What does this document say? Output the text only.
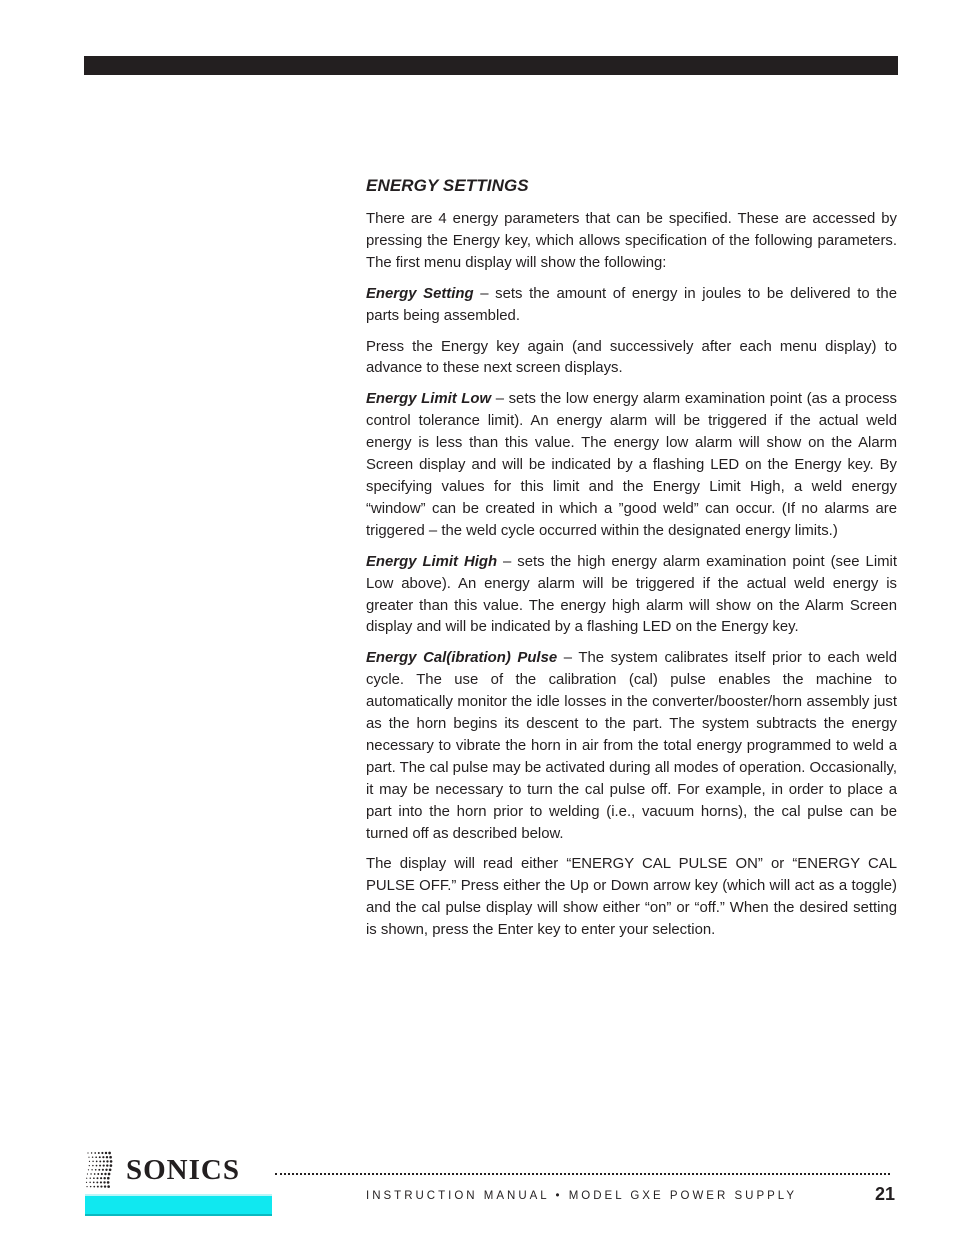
ENERGY SETTINGS

There are 4 energy parameters that can be specified. These are accessed by pressing the Energy key, which allows specification of the following parameters. The first menu display will show the following:

Energy Setting – sets the amount of energy in joules to be delivered to the parts being assembled.

Press the Energy key again (and successively after each menu display) to advance to these next screen displays.

Energy Limit Low – sets the low energy alarm examination point (as a process control tolerance limit). An energy alarm will be triggered if the actual weld energy is less than this value. The energy low alarm will show on the Alarm Screen display and will be indicated by a flashing LED on the Energy key. By specifying values for this limit and the Energy Limit High, a weld energy “window” can be created in which a ”good weld” can occur. (If no alarms are triggered – the weld cycle occurred within the designated energy limits.)

Energy Limit High – sets the high energy alarm examination point (see Limit Low above). An energy alarm will be triggered if the actual weld energy is greater than this value. The energy high alarm will show on the Alarm Screen display and will be indicated by a flashing LED on the Energy key.

Energy Cal(ibration) Pulse – The system calibrates itself prior to each weld cycle. The use of the calibration (cal) pulse enables the machine to automatically monitor the idle losses in the converter/booster/horn assembly just as the horn begins its descent to the part. The system subtracts the energy necessary to vibrate the horn in air from the total energy programmed to weld a part. The cal pulse may be activated during all modes of operation. Occasionally, it may be necessary to turn the cal pulse off. For example, in order to place a part into the horn prior to welding (i.e., vacuum horns), the cal pulse can be turned off as described below.

The display will read either “ENERGY CAL PULSE ON” or “ENERGY CAL PULSE OFF.” Press either the Up or Down arrow key (which will act as a toggle) and the cal pulse display will show either “on” or “off.” When the desired setting is shown, press the Enter key to enter your selection.

SONICS
INSTRUCTION MANUAL • MODEL GXE POWER SUPPLY	21
